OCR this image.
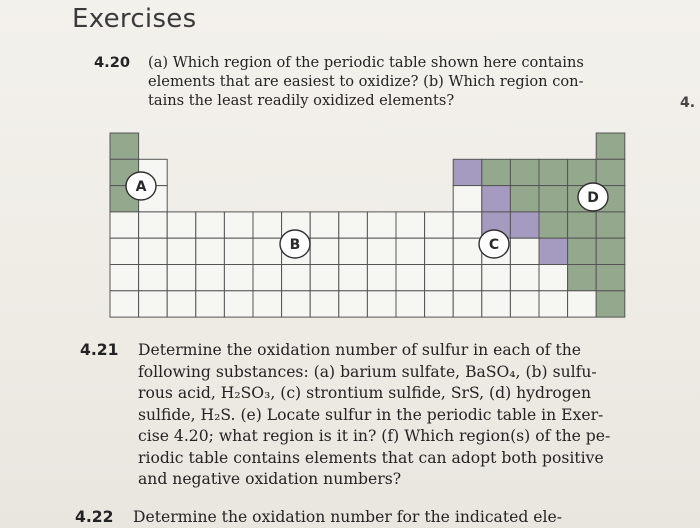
Exercises
4.20 (a) Which region of the periodic table shown here contains
elements that are easiest to oxidize? (b) Which region con-
tains the least readily oxidized elements?	4.
A
B	C
D
4.21 Determine the oxidation number of sulfur in each of the
following substances: (a) barium sulfate, BaSO₄, (b) sulfu-
rous acid, H₂SO₃, (c) strontium sulfide, SrS, (d) hydrogen
sulfide, H₂S. (e) Locate sulfur in the periodic table in Exer-
cise 4.20; what region is it in? (f) Which region(s) of the pe-
riodic table contains elements that can adopt both positive
and negative oxidation numbers?
4.22 Determine the oxidation number for the indicated ele-
